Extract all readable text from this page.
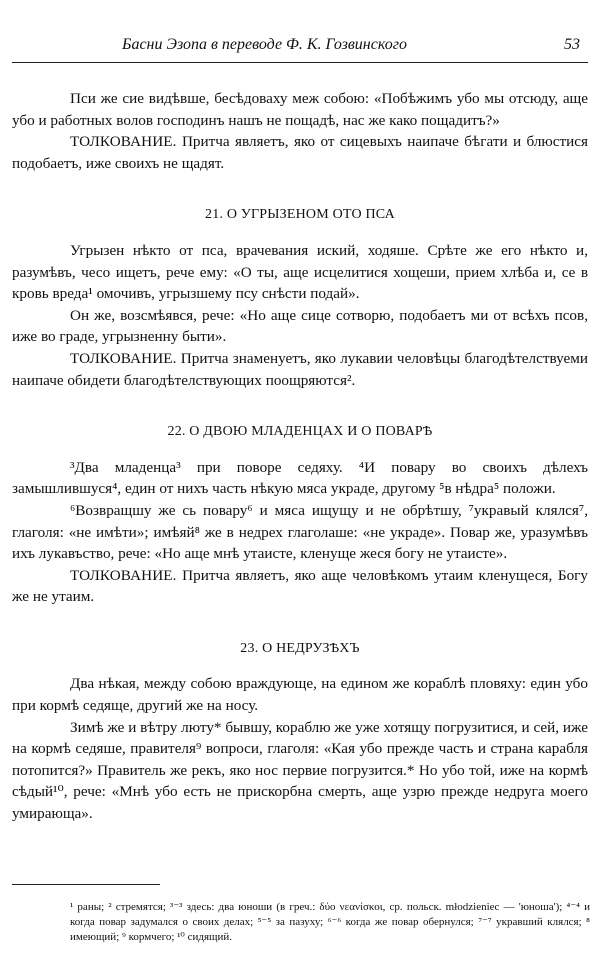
Басни Эзопа в переводе Ф. К. Гозвинского	53

Пси же сие видѣвше, бесѣдоваху меж собою: «Побѣжимъ убо мы отсюду, аще убо и работных волов господинъ нашъ не пощадѣ, нас же како пощадитъ?»

ТОЛКОВАНИЕ. Притча являетъ, яко от сицевыхъ наипаче бѣгати и блюстися подобаетъ, иже своихъ не щадят.

21. О УГРЫЗЕНОМ ОТО ПСА

Угрызен нѣкто от пса, врачевания иский, ходяше. Срѣте же его нѣкто и, разумѣвъ, чесо ищетъ, рече ему: «О ты, аще исцелитися хощеши, прием хлѣба и, се в кровь вреда¹ омочивъ, угрызшему псу снѣсти подай».

Он же, возсмѣявся, рече: «Но аще сице сотворю, подобаетъ ми от всѣхъ псов, иже во граде, угрызненну быти».

ТОЛКОВАНИЕ. Притча знаменуетъ, яко лукавии человѣцы благодѣтелствуеми наипаче обидети благодѣтелствующих поощряются².

22. О ДВОЮ МЛАДЕНЦАХ И О ПОВАРѢ

³Два младенца³ при поворе седяху. ⁴И повару во своихъ дѣлехъ замышлившуся⁴, един от нихъ часть нѣкую мяса украде, другому ⁵в нѣдра⁵ положи.

⁶Возвращшу же сь повару⁶ и мяса ищущу и не обрѣтшу, ⁷укравый клялся⁷, глаголя: «не имѣти»; имѣяй⁸ же в недрех глаголаше: «не украде». Повар же, уразумѣвъ ихъ лукавъство, рече: «Но аще мнѣ утаисте, кленуще жеся богу не утаисте».

ТОЛКОВАНИЕ. Притча являетъ, яко аще человѣкомъ утаим кленущеся, Богу же не утаим.

23. О НЕДРУЗѢХЪ

Два нѣкая, между собою враждующе, на едином же кораблѣ пловяху: един убо при кормѣ седяще, другий же на носу.

Зимѣ же и вѣтру люту* бывшу, кораблю же уже хотящу погрузитися, и сей, иже на кормѣ седяше, правителя⁹ вопроси, глаголя: «Кая убо прежде часть и страна карабля потопится?» Правитель же рекъ, яко нос первие погрузится.* Но убо той, иже на кормѣ сѣдый¹⁰, рече: «Мнѣ убо есть не прискорбна смерть, аще узрю прежде недруга моего умирающа».

¹ раны; ² стремятся; ³⁻³ здесь: два юноши (в греч.: δύο νεανίσκοι, ср. польск. młodzieniec — 'юноша'); ⁴⁻⁴ и когда повар задумался о своих делах; ⁵⁻⁵ за пазуху; ⁶⁻⁶ когда же повар обернулся; ⁷⁻⁷ укравший клялся; ⁸ имеющий; ⁹ кормчего; ¹⁰ сидящий.
